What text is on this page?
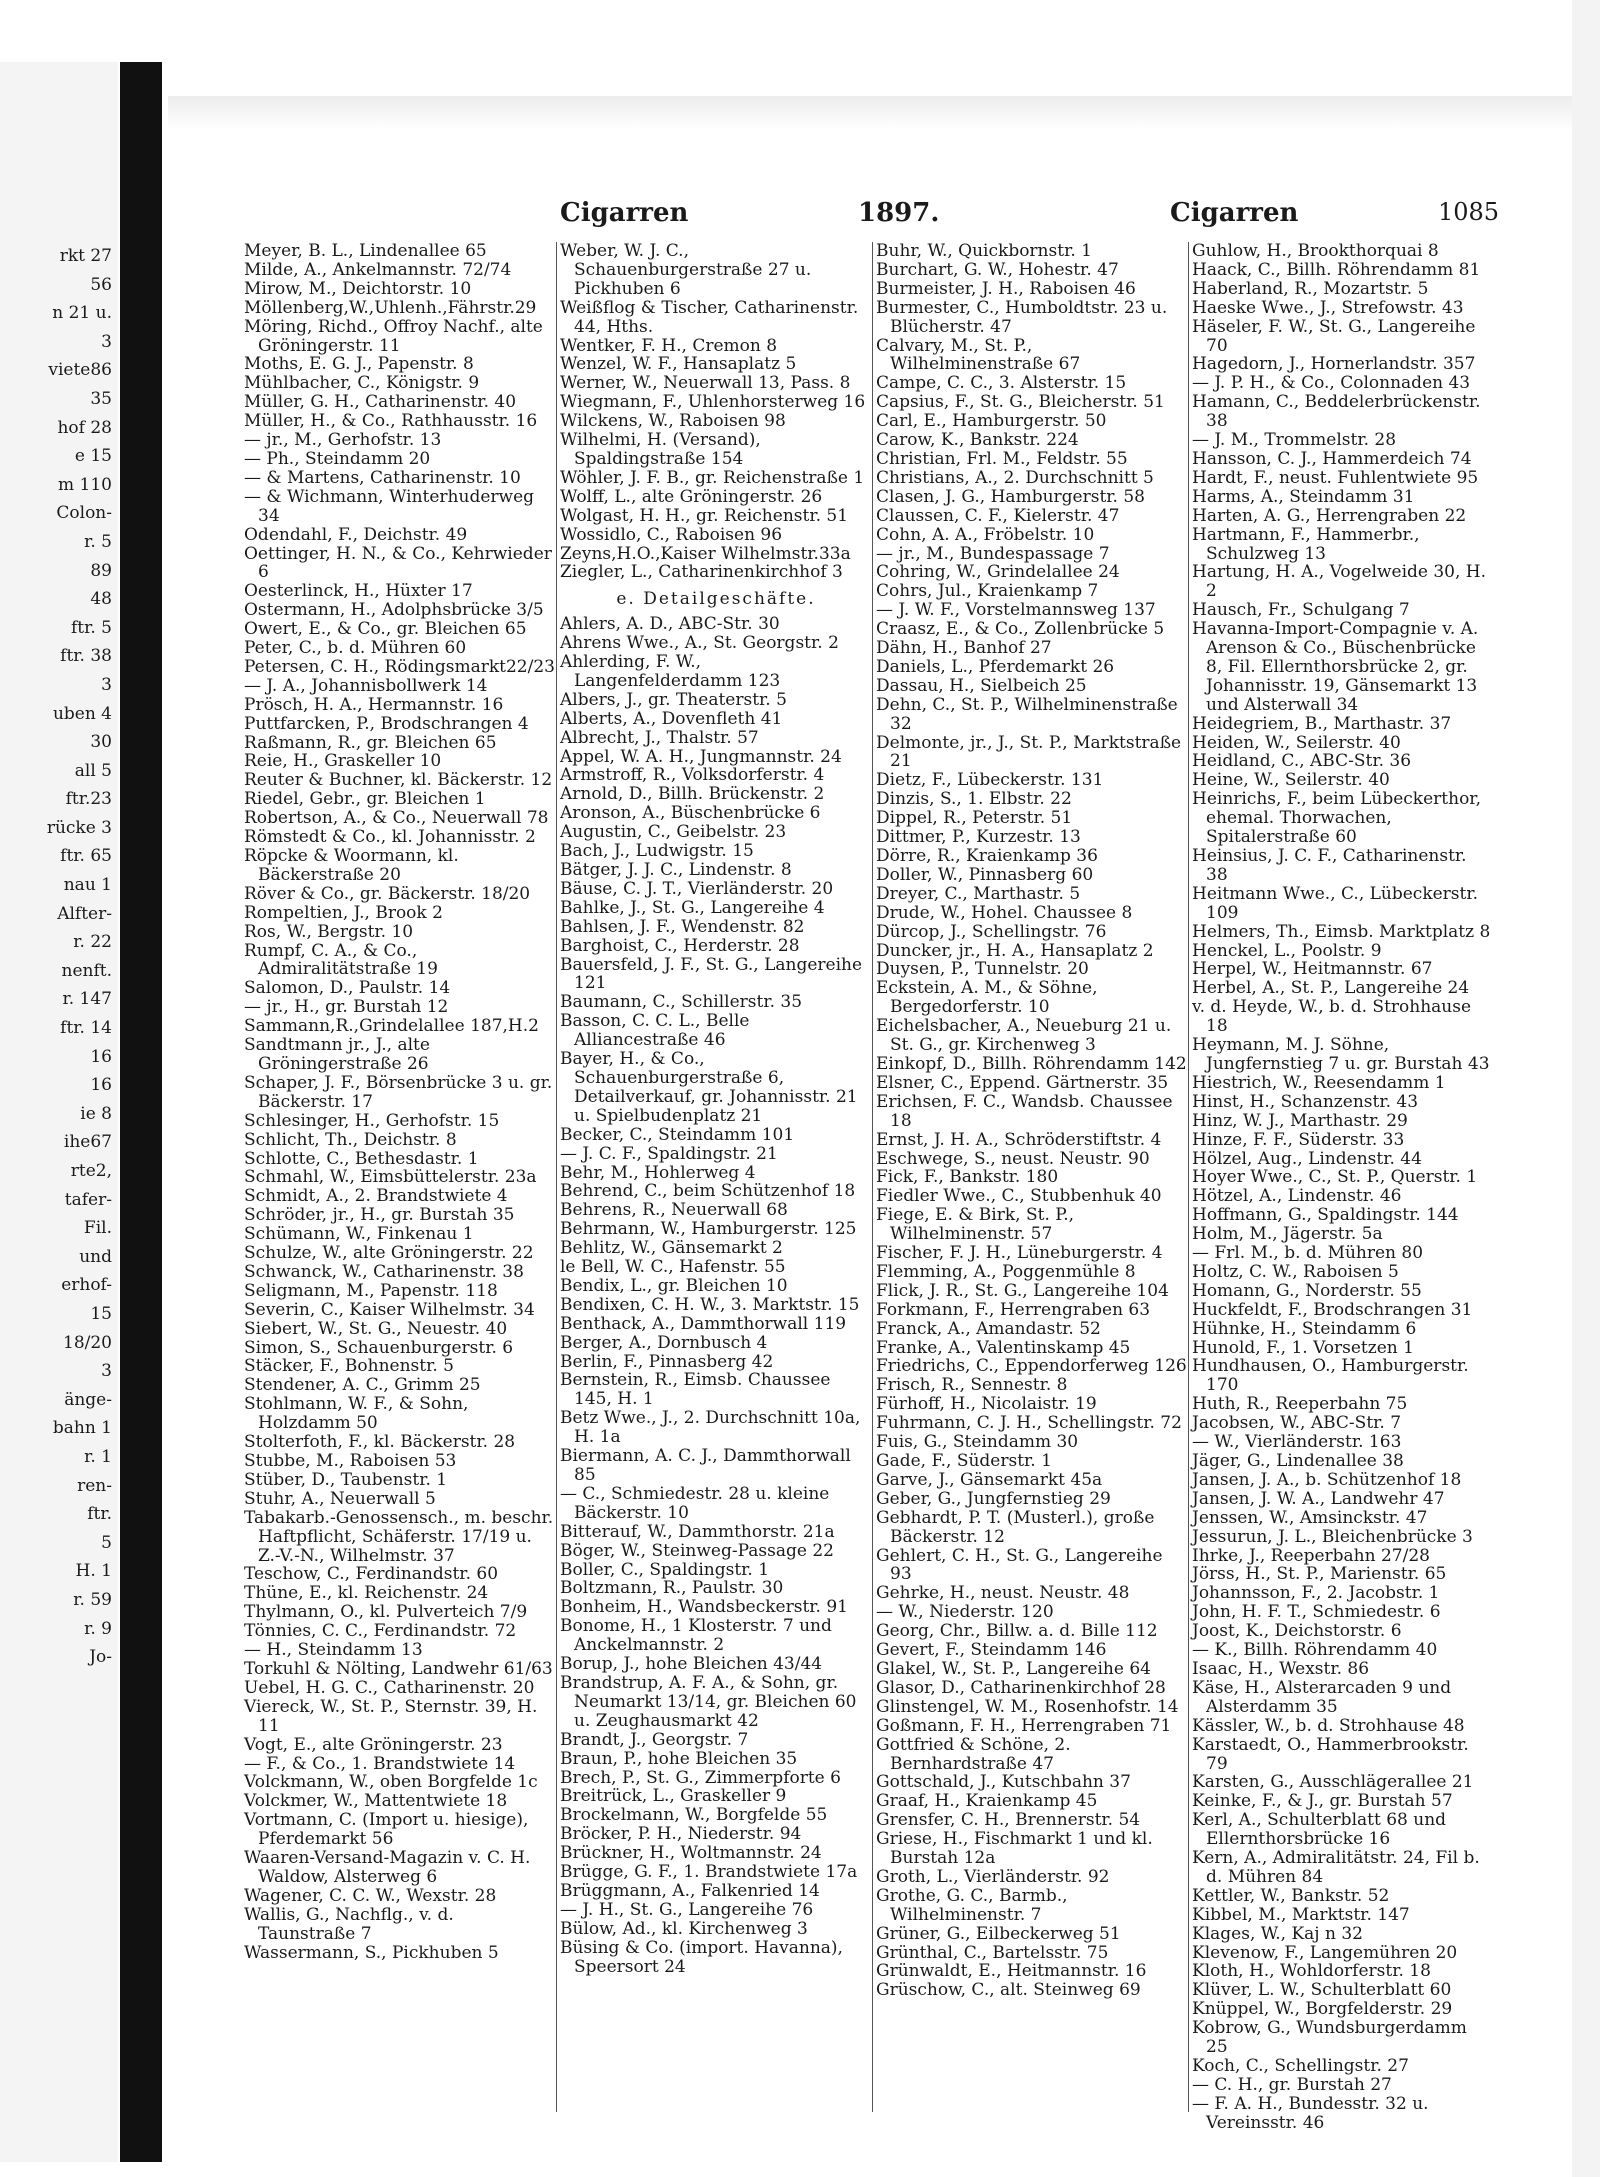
rkt 27
56
n 21 u.
3
viete86
35
hof 28
e 15
m 110
Colon-
r. 5
89
48
ftr. 5
ftr. 38
3
uben 4
30
all 5
ftr.23
rücke 3
ftr. 65
nau 1
Alfter-
r. 22
nenft.
r. 147
ftr. 14
16
16
ie 8
ihe67
rte2,
tafer-
Fil.
und
erhof-
15
18/20
3
änge-
bahn 1
r. 1
ren-
ftr.
5
H. 1
r. 59
r. 9
Jo-
Cigarren	1897.	Cigarren	1085

Meyer, B. L., Lindenallee 65

Milde, A., Ankelmannstr. 72/74

Mirow, M., Deichtorstr. 10

Möllenberg,W.,Uhlenh.,Fährstr.29

Möring, Richd., Offroy Nachf., alte Gröningerstr. 11

Moths, E. G. J., Papenstr. 8

Mühlbacher, C., Königstr. 9

Müller, G. H., Catharinenstr. 40

Müller, H., & Co., Rathhausstr. 16

— jr., M., Gerhofstr. 13

— Ph., Steindamm 20

— & Martens, Catharinenstr. 10

— & Wichmann, Winterhuderweg 34

Odendahl, F., Deichstr. 49

Oettinger, H. N., & Co., Kehrwieder 6

Oesterlinck, H., Hüxter 17

Ostermann, H., Adolphsbrücke 3/5

Owert, E., & Co., gr. Bleichen 65

Peter, C., b. d. Mühren 60

Petersen, C. H., Rödingsmarkt22/23

— J. A., Johannisbollwerk 14

Prösch, H. A., Hermannstr. 16

Puttfarcken, P., Brodschrangen 4

Raßmann, R., gr. Bleichen 65

Reie, H., Graskeller 10

Reuter & Buchner, kl. Bäckerstr. 12

Riedel, Gebr., gr. Bleichen 1

Robertson, A., & Co., Neuerwall 78

Römstedt & Co., kl. Johannisstr. 2

Röpcke & Woormann, kl. Bäckerstraße 20

Röver & Co., gr. Bäckerstr. 18/20

Rompeltien, J., Brook 2

Ros, W., Bergstr. 10

Rumpf, C. A., & Co., Admiralitätstraße 19

Salomon, D., Paulstr. 14

— jr., H., gr. Burstah 12

Sammann,R.,Grindelallee 187,H.2

Sandtmann jr., J., alte Gröningerstraße 26

Schaper, J. F., Börsenbrücke 3 u. gr. Bäckerstr. 17

Schlesinger, H., Gerhofstr. 15

Schlicht, Th., Deichstr. 8

Schlotte, C., Bethesdastr. 1

Schmahl, W., Eimsbüttelerstr. 23a

Schmidt, A., 2. Brandstwiete 4

Schröder, jr., H., gr. Burstah 35

Schümann, W., Finkenau 1

Schulze, W., alte Gröningerstr. 22

Schwanck, W., Catharinenstr. 38

Seligmann, M., Papenstr. 118

Severin, C., Kaiser Wilhelmstr. 34

Siebert, W., St. G., Neuestr. 40

Simon, S., Schauenburgerstr. 6

Stäcker, F., Bohnenstr. 5

Stendener, A. C., Grimm 25

Stohlmann, W. F., & Sohn, Holzdamm 50

Stolterfoth, F., kl. Bäckerstr. 28

Stubbe, M., Raboisen 53

Stüber, D., Taubenstr. 1

Stuhr, A., Neuerwall 5

Tabakarb.-Genossensch., m. beschr. Haftpflicht, Schäferstr. 17/19 u. Z.-V.-N., Wilhelmstr. 37

Teschow, C., Ferdinandstr. 60

Thüne, E., kl. Reichenstr. 24

Thylmann, O., kl. Pulverteich 7/9

Tönnies, C. C., Ferdinandstr. 72

— H., Steindamm 13

Torkuhl & Nölting, Landwehr 61/63

Uebel, H. G. C., Catharinenstr. 20

Viereck, W., St. P., Sternstr. 39, H. 11

Vogt, E., alte Gröningerstr. 23

— F., & Co., 1. Brandstwiete 14

Volckmann, W., oben Borgfelde 1c

Volckmer, W., Mattentwiete 18

Vortmann, C. (Import u. hiesige), Pferdemarkt 56

Waaren-Versand-Magazin v. C. H. Waldow, Alsterweg 6

Wagener, C. C. W., Wexstr. 28

Wallis, G., Nachflg., v. d. Taunstraße 7

Wassermann, S., Pickhuben 5

Weber, W. J. C., Schauenburgerstraße 27 u. Pickhuben 6

Weißflog & Tischer, Catharinenstr. 44, Hths.

Wentker, F. H., Cremon 8

Wenzel, W. F., Hansaplatz 5

Werner, W., Neuerwall 13, Pass. 8

Wiegmann, F., Uhlenhorsterweg 16

Wilckens, W., Raboisen 98

Wilhelmi, H. (Versand), Spaldingstraße 154

Wöhler, J. F. B., gr. Reichenstraße 1

Wolff, L., alte Gröningerstr. 26

Wolgast, H. H., gr. Reichenstr. 51

Wossidlo, C., Raboisen 96

Zeyns,H.O.,Kaiser Wilhelmstr.33a

Ziegler, L., Catharinenkirchhof 3

e. Detailgeschäfte.

Ahlers, A. D., ABC-Str. 30

Ahrens Wwe., A., St. Georgstr. 2

Ahlerding, F. W., Langenfelderdamm 123

Albers, J., gr. Theaterstr. 5

Alberts, A., Dovenfleth 41

Albrecht, J., Thalstr. 57

Appel, W. A. H., Jungmannstr. 24

Armstroff, R., Volksdorferstr. 4

Arnold, D., Billh. Brückenstr. 2

Aronson, A., Büschenbrücke 6

Augustin, C., Geibelstr. 23

Bach, J., Ludwigstr. 15

Bätger, J. J. C., Lindenstr. 8

Bäuse, C. J. T., Vierländerstr. 20

Bahlke, J., St. G., Langereihe 4

Bahlsen, J. F., Wendenstr. 82

Barghoist, C., Herderstr. 28

Bauersfeld, J. F., St. G., Langereihe 121

Baumann, C., Schillerstr. 35

Basson, C. C. L., Belle Alliancestraße 46

Bayer, H., & Co., Schauenburgerstraße 6, Detailverkauf, gr. Johannisstr. 21 u. Spielbudenplatz 21

Becker, C., Steindamm 101

— J. C. F., Spaldingstr. 21

Behr, M., Hohlerweg 4

Behrend, C., beim Schützenhof 18

Behrens, R., Neuerwall 68

Behrmann, W., Hamburgerstr. 125

Behlitz, W., Gänsemarkt 2

le Bell, W. C., Hafenstr. 55

Bendix, L., gr. Bleichen 10

Bendixen, C. H. W., 3. Marktstr. 15

Benthack, A., Dammthorwall 119

Berger, A., Dornbusch 4

Berlin, F., Pinnasberg 42

Bernstein, R., Eimsb. Chaussee 145, H. 1

Betz Wwe., J., 2. Durchschnitt 10a, H. 1a

Biermann, A. C. J., Dammthorwall 85

— C., Schmiedestr. 28 u. kleine Bäckerstr. 10

Bitterauf, W., Dammthorstr. 21a

Böger, W., Steinweg-Passage 22

Boller, C., Spaldingstr. 1

Boltzmann, R., Paulstr. 30

Bonheim, H., Wandsbeckerstr. 91

Bonome, H., 1 Klosterstr. 7 und Anckelmannstr. 2

Borup, J., hohe Bleichen 43/44

Brandstrup, A. F. A., & Sohn, gr. Neumarkt 13/14, gr. Bleichen 60 u. Zeughausmarkt 42

Brandt, J., Georgstr. 7

Braun, P., hohe Bleichen 35

Brech, P., St. G., Zimmerpforte 6

Breitrück, L., Graskeller 9

Brockelmann, W., Borgfelde 55

Bröcker, P. H., Niederstr. 94

Brückner, H., Woltmannstr. 24

Brügge, G. F., 1. Brandstwiete 17a

Brüggmann, A., Falkenried 14

— J. H., St. G., Langereihe 76

Bülow, Ad., kl. Kirchenweg 3

Büsing & Co. (import. Havanna), Speersort 24

Buhr, W., Quickbornstr. 1

Burchart, G. W., Hohestr. 47

Burmeister, J. H., Raboisen 46

Burmester, C., Humboldtstr. 23 u. Blücherstr. 47

Calvary, M., St. P., Wilhelminenstraße 67

Campe, C. C., 3. Alsterstr. 15

Capsius, F., St. G., Bleicherstr. 51

Carl, E., Hamburgerstr. 50

Carow, K., Bankstr. 224

Christian, Frl. M., Feldstr. 55

Christians, A., 2. Durchschnitt 5

Clasen, J. G., Hamburgerstr. 58

Claussen, C. F., Kielerstr. 47

Cohn, A. A., Fröbelstr. 10

— jr., M., Bundespassage 7

Cohring, W., Grindelallee 24

Cohrs, Jul., Kraienkamp 7

— J. W. F., Vorstelmannsweg 137

Craasz, E., & Co., Zollenbrücke 5

Dähn, H., Banhof 27

Daniels, L., Pferdemarkt 26

Dassau, H., Sielbeich 25

Dehn, C., St. P., Wilhelminenstraße 32

Delmonte, jr., J., St. P., Marktstraße 21

Dietz, F., Lübeckerstr. 131

Dinzis, S., 1. Elbstr. 22

Dippel, R., Peterstr. 51

Dittmer, P., Kurzestr. 13

Dörre, R., Kraienkamp 36

Doller, W., Pinnasberg 60

Dreyer, C., Marthastr. 5

Drude, W., Hohel. Chaussee 8

Dürcop, J., Schellingstr. 76

Duncker, jr., H. A., Hansaplatz 2

Duysen, P., Tunnelstr. 20

Eckstein, A. M., & Söhne, Bergedorferstr. 10

Eichelsbacher, A., Neueburg 21 u. St. G., gr. Kirchenweg 3

Einkopf, D., Billh. Röhrendamm 142

Elsner, C., Eppend. Gärtnerstr. 35

Erichsen, F. C., Wandsb. Chaussee 18

Ernst, J. H. A., Schröderstiftstr. 4

Eschwege, S., neust. Neustr. 90

Fick, F., Bankstr. 180

Fiedler Wwe., C., Stubbenhuk 40

Fiege, E. & Birk, St. P., Wilhelminenstr. 57

Fischer, F. J. H., Lüneburgerstr. 4

Flemming, A., Poggenmühle 8

Flick, J. R., St. G., Langereihe 104

Forkmann, F., Herrengraben 63

Franck, A., Amandastr. 52

Franke, A., Valentinskamp 45

Friedrichs, C., Eppendorferweg 126

Frisch, R., Sennestr. 8

Fürhoff, H., Nicolaistr. 19

Fuhrmann, C. J. H., Schellingstr. 72

Fuis, G., Steindamm 30

Gade, F., Süderstr. 1

Garve, J., Gänsemarkt 45a

Geber, G., Jungfernstieg 29

Gebhardt, P. T. (Musterl.), große Bäckerstr. 12

Gehlert, C. H., St. G., Langereihe 93

Gehrke, H., neust. Neustr. 48

— W., Niederstr. 120

Georg, Chr., Billw. a. d. Bille 112

Gevert, F., Steindamm 146

Glakel, W., St. P., Langereihe 64

Glasor, D., Catharinenkirchhof 28

Glinstengel, W. M., Rosenhofstr. 14

Goßmann, F. H., Herrengraben 71

Gottfried & Schöne, 2. Bernhardstraße 47

Gottschald, J., Kutschbahn 37

Graaf, H., Kraienkamp 45

Grensfer, C. H., Brennerstr. 54

Griese, H., Fischmarkt 1 und kl. Burstah 12a

Groth, L., Vierländerstr. 92

Grothe, G. C., Barmb., Wilhelminenstr. 7

Grüner, G., Eilbeckerweg 51

Grünthal, C., Bartelsstr. 75

Grünwaldt, E., Heitmannstr. 16

Grüschow, C., alt. Steinweg 69

Guhlow, H., Brookthorquai 8

Haack, C., Billh. Röhrendamm 81

Haberland, R., Mozartstr. 5

Haeske Wwe., J., Strefowstr. 43

Häseler, F. W., St. G., Langereihe 70

Hagedorn, J., Hornerlandstr. 357

— J. P. H., & Co., Colonnaden 43

Hamann, C., Beddelerbrückenstr. 38

— J. M., Trommelstr. 28

Hansson, C. J., Hammerdeich 74

Hardt, F., neust. Fuhlentwiete 95

Harms, A., Steindamm 31

Harten, A. G., Herrengraben 22

Hartmann, F., Hammerbr., Schulzweg 13

Hartung, H. A., Vogelweide 30, H. 2

Hausch, Fr., Schulgang 7

Havanna-Import-Compagnie v. A. Arenson & Co., Büschenbrücke 8, Fil. Ellernthorsbrücke 2, gr. Johannisstr. 19, Gänsemarkt 13 und Alsterwall 34

Heidegriem, B., Marthastr. 37

Heiden, W., Seilerstr. 40

Heidland, C., ABC-Str. 36

Heine, W., Seilerstr. 40

Heinrichs, F., beim Lübeckerthor, ehemal. Thorwachen, Spitalerstraße 60

Heinsius, J. C. F., Catharinenstr. 38

Heitmann Wwe., C., Lübeckerstr. 109

Helmers, Th., Eimsb. Marktplatz 8

Henckel, L., Poolstr. 9

Herpel, W., Heitmannstr. 67

Herbel, A., St. P., Langereihe 24

v. d. Heyde, W., b. d. Strohhause 18

Heymann, M. J. Söhne, Jungfernstieg 7 u. gr. Burstah 43

Hiestrich, W., Reesendamm 1

Hinst, H., Schanzenstr. 43

Hinz, W. J., Marthastr. 29

Hinze, F. F., Süderstr. 33

Hölzel, Aug., Lindenstr. 44

Hoyer Wwe., C., St. P., Querstr. 1

Hötzel, A., Lindenstr. 46

Hoffmann, G., Spaldingstr. 144

Holm, M., Jägerstr. 5a

— Frl. M., b. d. Mühren 80

Holtz, C. W., Raboisen 5

Homann, G., Norderstr. 55

Huckfeldt, F., Brodschrangen 31

Hühnke, H., Steindamm 6

Hunold, F., 1. Vorsetzen 1

Hundhausen, O., Hamburgerstr. 170

Huth, R., Reeperbahn 75

Jacobsen, W., ABC-Str. 7

— W., Vierländerstr. 163

Jäger, G., Lindenallee 38

Jansen, J. A., b. Schützenhof 18

Jansen, J. W. A., Landwehr 47

Jenssen, W., Amsinckstr. 47

Jessurun, J. L., Bleichenbrücke 3

Ihrke, J., Reeperbahn 27/28

Jörss, H., St. P., Marienstr. 65

Johannsson, F., 2. Jacobstr. 1

John, H. F. T., Schmiedestr. 6

Joost, K., Deichstorstr. 6

— K., Billh. Röhrendamm 40

Isaac, H., Wexstr. 86

Käse, H., Alsterarcaden 9 und Alsterdamm 35

Kässler, W., b. d. Strohhause 48

Karstaedt, O., Hammerbrookstr. 79

Karsten, G., Ausschlägerallee 21

Keinke, F., & J., gr. Burstah 57

Kerl, A., Schulterblatt 68 und Ellernthorsbrücke 16

Kern, A., Admiralitätstr. 24, Fil b. d. Mühren 84

Kettler, W., Bankstr. 52

Kibbel, M., Marktstr. 147

Klages, W., Kaj n 32

Klevenow, F., Langemühren 20

Kloth, H., Wohldorferstr. 18

Klüver, L. W., Schulterblatt 60

Knüppel, W., Borgfelderstr. 29

Kobrow, G., Wundsburgerdamm 25

Koch, C., Schellingstr. 27

— C. H., gr. Burstah 27

— F. A. H., Bundesstr. 32 u. Vereinsstr. 46
